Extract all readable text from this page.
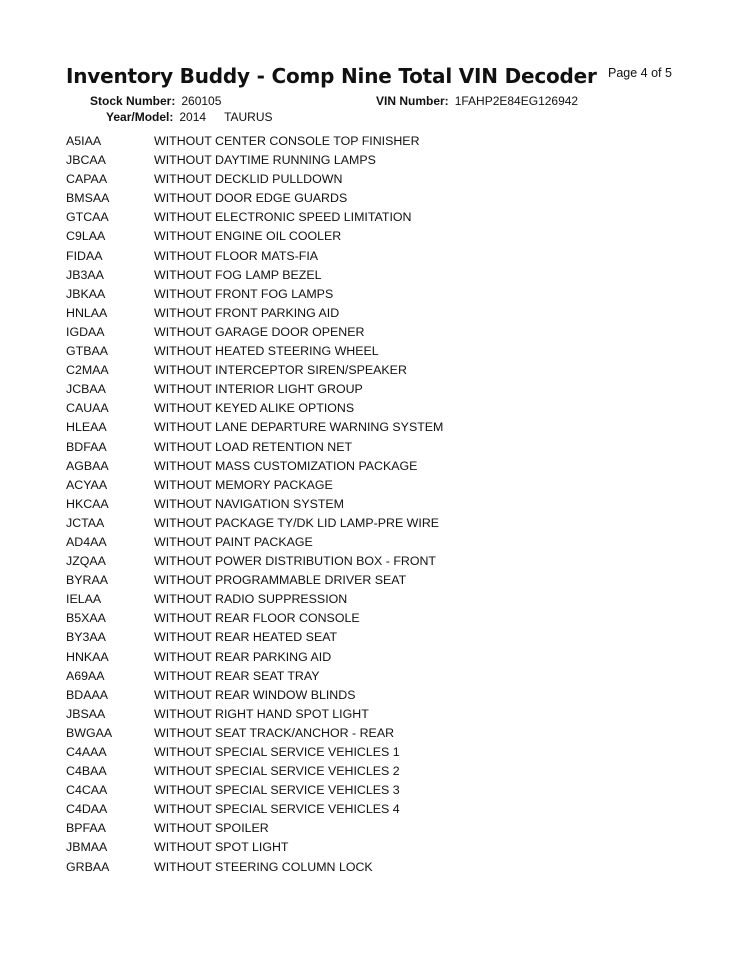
Inventory Buddy - Comp Nine Total VIN Decoder Page 4 of 5
Stock Number: 260105	VIN Number: 1FAHP2E84EG126942
Year/Model: 2014 TAURUS
A5IAA	WITHOUT CENTER CONSOLE TOP FINISHER
JBCAA	WITHOUT DAYTIME RUNNING LAMPS
CAPAA	WITHOUT DECKLID PULLDOWN
BMSAA	WITHOUT DOOR EDGE GUARDS
GTCAA	WITHOUT ELECTRONIC SPEED LIMITATION
C9LAA	WITHOUT ENGINE OIL COOLER
FIDAA	WITHOUT FLOOR MATS-FIA
JB3AA	WITHOUT FOG LAMP BEZEL
JBKAA	WITHOUT FRONT FOG LAMPS
HNLAA	WITHOUT FRONT PARKING AID
IGDAA	WITHOUT GARAGE DOOR OPENER
GTBAA	WITHOUT HEATED STEERING WHEEL
C2MAA	WITHOUT INTERCEPTOR SIREN/SPEAKER
JCBAA	WITHOUT INTERIOR LIGHT GROUP
CAUAA	WITHOUT KEYED ALIKE OPTIONS
HLEAA	WITHOUT LANE DEPARTURE WARNING SYSTEM
BDFAA	WITHOUT LOAD RETENTION NET
AGBAA	WITHOUT MASS CUSTOMIZATION PACKAGE
ACYAA	WITHOUT MEMORY PACKAGE
HKCAA	WITHOUT NAVIGATION SYSTEM
JCTAA	WITHOUT PACKAGE TY/DK LID LAMP-PRE WIRE
AD4AA	WITHOUT PAINT PACKAGE
JZQAA	WITHOUT POWER DISTRIBUTION BOX - FRONT
BYRAA	WITHOUT PROGRAMMABLE DRIVER SEAT
IELAA	WITHOUT RADIO SUPPRESSION
B5XAA	WITHOUT REAR FLOOR CONSOLE
BY3AA	WITHOUT REAR HEATED SEAT
HNKAA	WITHOUT REAR PARKING AID
A69AA	WITHOUT REAR SEAT TRAY
BDAAA	WITHOUT REAR WINDOW BLINDS
JBSAA	WITHOUT RIGHT HAND SPOT LIGHT
BWGAA	WITHOUT SEAT TRACK/ANCHOR - REAR
C4AAA	WITHOUT SPECIAL SERVICE VEHICLES 1
C4BAA	WITHOUT SPECIAL SERVICE VEHICLES 2
C4CAA	WITHOUT SPECIAL SERVICE VEHICLES 3
C4DAA	WITHOUT SPECIAL SERVICE VEHICLES 4
BPFAA	WITHOUT SPOILER
JBMAA	WITHOUT SPOT LIGHT
GRBAA	WITHOUT STEERING COLUMN LOCK
